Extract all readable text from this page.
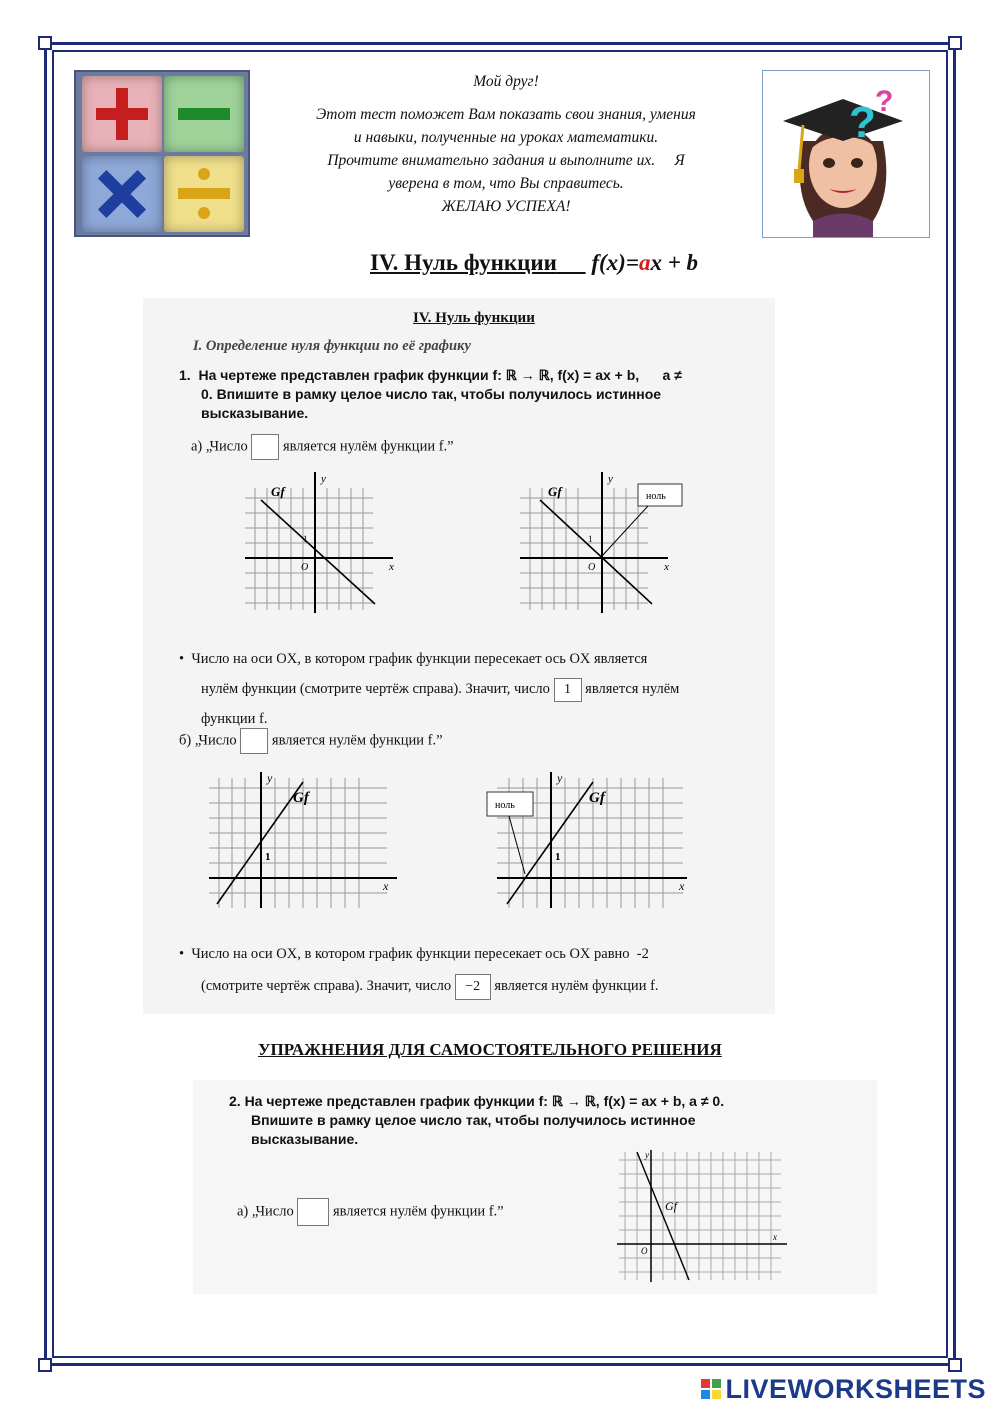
Мой друг!

Этот тест поможет Вам показать свои знания, умения

и навыки, полученные на уроках математики.

Прочтите внимательно задания и выполните их.     Я

уверена в том, что Вы справитесь.

ЖЕЛАЮ УСПЕХА!

? ?
IV. Нуль функции f(x)=ax + b
IV. Нуль функции
I. Определение нуля функции по её графику
1.  На чертеже представлен график функции f: ℝ → ℝ, f(x) = ax + b,      a ≠
0. Впишите в рамку целое число так, чтобы получилось истинное
высказывание.
а) „Число является нулём функции f.”
Gf
y
x
1
O
ноль
Gf
y
x
1
O
•  Число на оси OX, в котором график функции пересекает ось OX является
нулём функции (смотрите чертёж справа). Значит, число 1 является нулём
функции f.
б) „Число является нулём функции f.”
Gf
y
x
1
ноль	Gf
y
x
1
•  Число на оси OX, в котором график функции пересекает ось OX равно  -2
(смотрите чертёж справа). Значит, число −2 является нулём функции f.
УПРАЖНЕНИЯ ДЛЯ САМОСТОЯТЕЛЬНОГО РЕШЕНИЯ
2. На чертеже представлен график функции f: ℝ → ℝ, f(x) = ax + b, a ≠ 0.
Впишите в рамку целое число так, чтобы получилось истинное
высказывание.
а) „Число	является нулём функции f.”	Gf
y
x
O
LIVEWORKSHEETS
